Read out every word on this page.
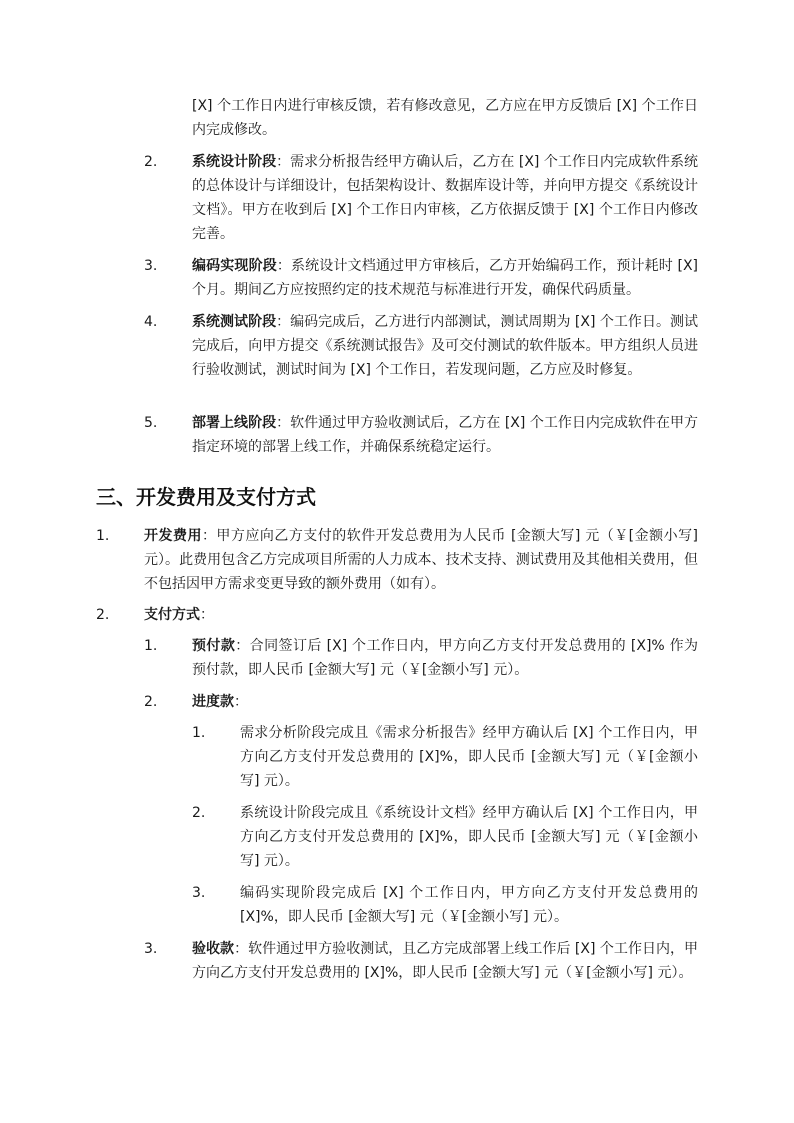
[X] 个工作日内进行审核反馈，若有修改意见，乙方应在甲方反馈后 [X] 个工作日内完成修改。
2.	系统设计阶段：需求分析报告经甲方确认后，乙方在 [X] 个工作日内完成软件系统的总体设计与详细设计，包括架构设计、数据库设计等，并向甲方提交《系统设计文档》。甲方在收到后 [X] 个工作日内审核，乙方依据反馈于 [X] 个工作日内修改完善。
3.	编码实现阶段：系统设计文档通过甲方审核后，乙方开始编码工作，预计耗时 [X] 个月。期间乙方应按照约定的技术规范与标准进行开发，确保代码质量。
4.	系统测试阶段：编码完成后，乙方进行内部测试，测试周期为 [X] 个工作日。测试完成后，向甲方提交《系统测试报告》及可交付测试的软件版本。甲方组织人员进行验收测试，测试时间为 [X] 个工作日，若发现问题，乙方应及时修复。
5.	部署上线阶段：软件通过甲方验收测试后，乙方在 [X] 个工作日内完成软件在甲方指定环境的部署上线工作，并确保系统稳定运行。
三、开发费用及支付方式
1.	开发费用：甲方应向乙方支付的软件开发总费用为人民币 [金额大写] 元（￥[金额小写] 元）。此费用包含乙方完成项目所需的人力成本、技术支持、测试费用及其他相关费用，但不包括因甲方需求变更导致的额外费用（如有）。
2.	支付方式：
1.	预付款：合同签订后 [X] 个工作日内，甲方向乙方支付开发总费用的 [X]% 作为预付款，即人民币 [金额大写] 元（￥[金额小写] 元）。
2.	进度款：
1.	需求分析阶段完成且《需求分析报告》经甲方确认后 [X] 个工作日内，甲方向乙方支付开发总费用的 [X]%，即人民币 [金额大写] 元（￥[金额小写] 元）。
2.	系统设计阶段完成且《系统设计文档》经甲方确认后 [X] 个工作日内，甲方向乙方支付开发总费用的 [X]%，即人民币 [金额大写] 元（￥[金额小写] 元）。
3.	编码实现阶段完成后 [X] 个工作日内，甲方向乙方支付开发总费用的 [X]%，即人民币 [金额大写] 元（￥[金额小写] 元）。
3.	验收款：软件通过甲方验收测试，且乙方完成部署上线工作后 [X] 个工作日内，甲方向乙方支付开发总费用的 [X]%，即人民币 [金额大写] 元（￥[金额小写] 元）。
